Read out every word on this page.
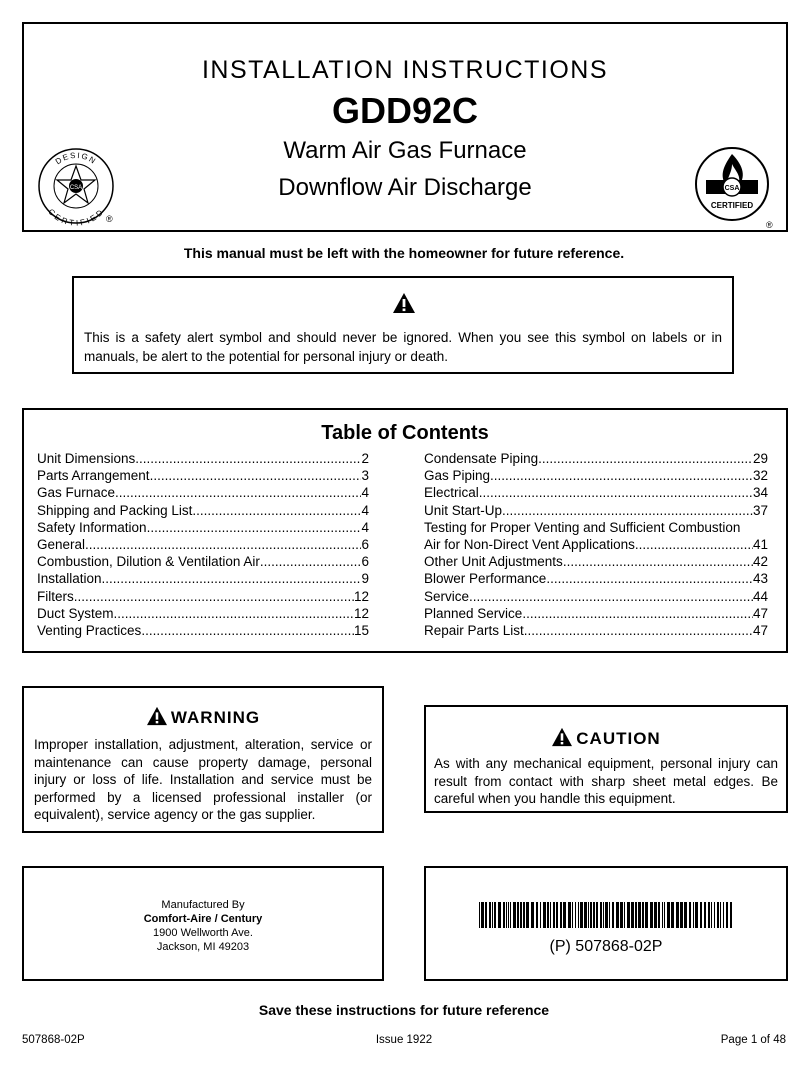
INSTALLATION INSTRUCTIONS
GDD92C
Warm Air Gas Furnace
Downflow Air Discharge
CSA
DESIGN
CERTIFIED
®
CSA
CERTIFIED
®
This manual must be left with the homeowner for future reference.
This is a safety alert symbol and should never be ignored. When you see this symbol on labels or in manuals, be alert to the potential for personal injury or death.
Table of Contents
Unit Dimensions .....	2
Parts Arrangement .....	3
Gas Furnace .....	4
Shipping and Packing List .....	4
Safety Information .....	4
General .....	6
Combustion, Dilution & Ventilation Air .....	6
Installation .....	9
Filters .....	12
Duct System .....	12
Venting Practices .....	15
Condensate Piping .....	29
Gas Piping .....	32
Electrical .....	34
Unit Start-Up .....	37
Testing for Proper Venting and Sufficient Combustion
Air for Non-Direct Vent Applications .....	41
Other Unit Adjustments .....	42
Blower Performance .....	43
Service .....	44
Planned Service .....	47
Repair Parts List .....	47
WARNING
Improper installation, adjustment, alteration, service or maintenance can cause property damage, personal injury or loss of life. Installation and service must be performed by a licensed professional installer (or equivalent), service agency or the gas supplier.
CAUTION
As with any mechanical equipment, personal injury can result from contact with sharp sheet metal edges. Be careful when you handle this equipment.
Manufactured By
Comfort-Aire / Century
1900 Wellworth Ave.
Jackson, MI 49203	(P) 507868-02P
Save these instructions for future reference
507868-02P	Issue 1922	Page 1 of 48
